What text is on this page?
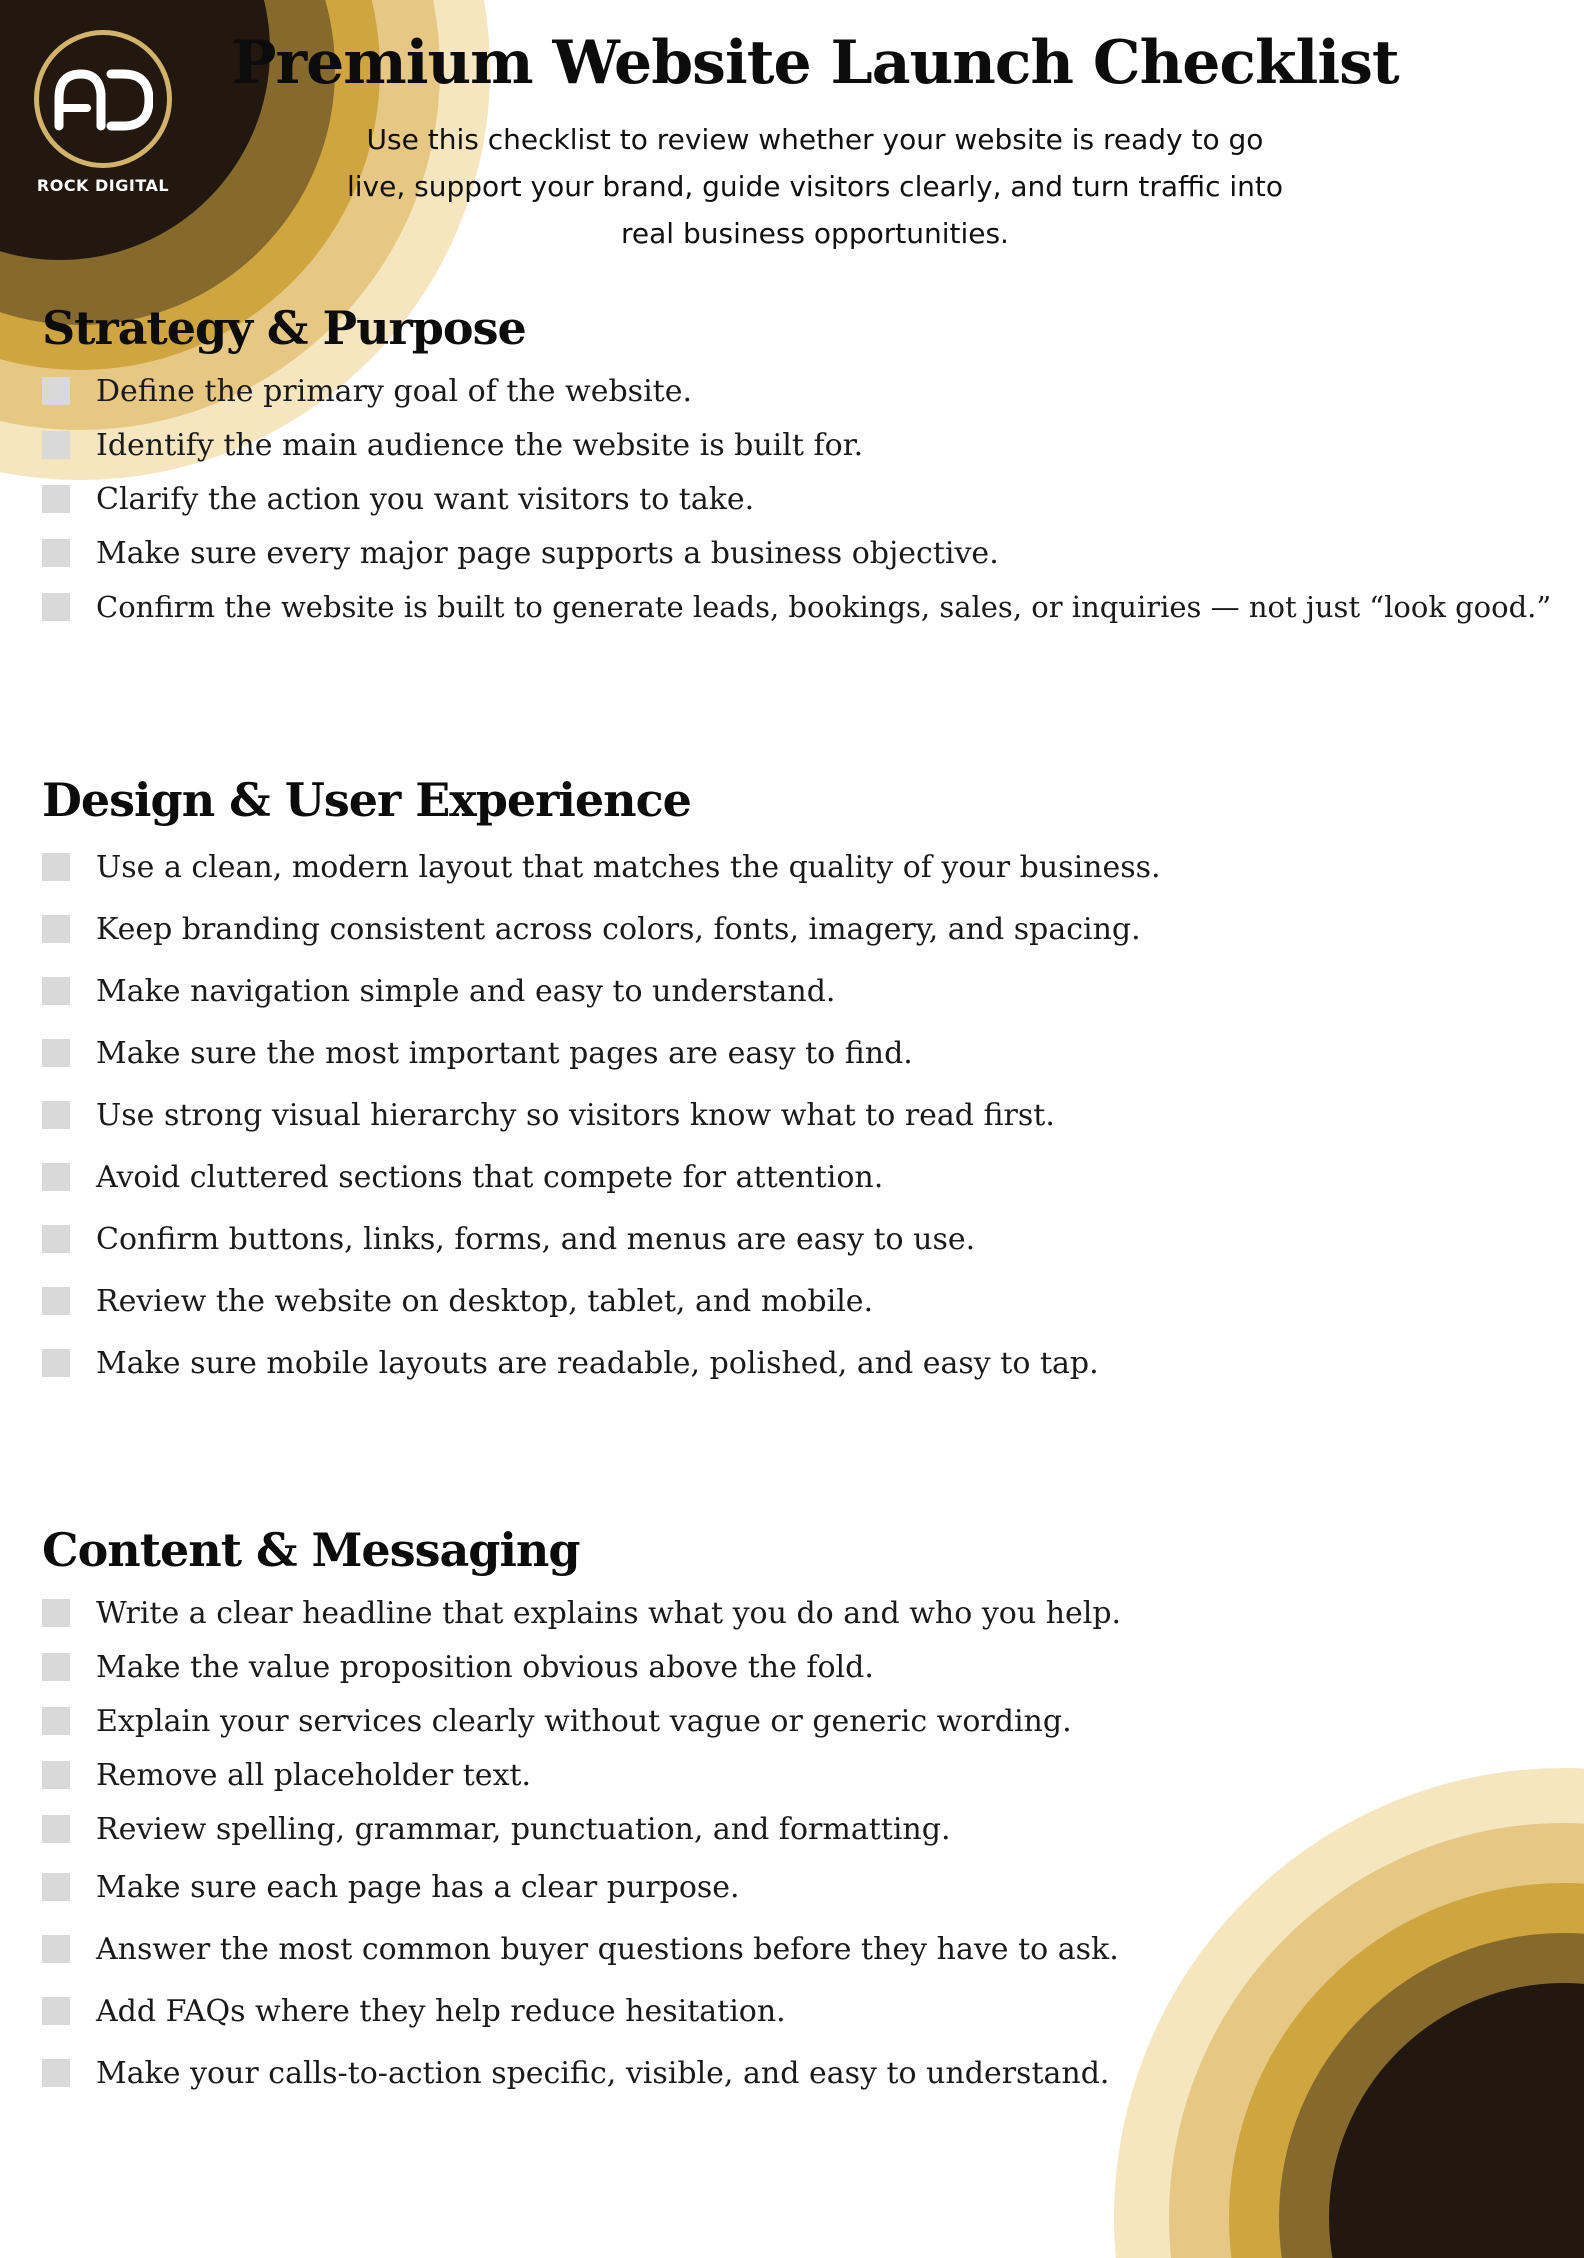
ROCK DIGITAL
Premium Website Launch Checklist

Use this checklist to review whether your website is ready to go live, support your brand, guide visitors clearly, and turn traffic into real business opportunities.

Strategy & Purpose
Define the primary goal of the website.
Identify the main audience the website is built for.
Clarify the action you want visitors to take.
Make sure every major page supports a business objective.
Confirm the website is built to generate leads, bookings, sales, or inquiries — not just “look good.”
Design & User Experience
Use a clean, modern layout that matches the quality of your business.
Keep branding consistent across colors, fonts, imagery, and spacing.
Make navigation simple and easy to understand.
Make sure the most important pages are easy to find.
Use strong visual hierarchy so visitors know what to read first.
Avoid cluttered sections that compete for attention.
Confirm buttons, links, forms, and menus are easy to use.
Review the website on desktop, tablet, and mobile.
Make sure mobile layouts are readable, polished, and easy to tap.
Content & Messaging
Write a clear headline that explains what you do and who you help.
Make the value proposition obvious above the fold.
Explain your services clearly without vague or generic wording.
Remove all placeholder text.
Review spelling, grammar, punctuation, and formatting.
Make sure each page has a clear purpose.
Answer the most common buyer questions before they have to ask.
Add FAQs where they help reduce hesitation.
Make your calls-to-action specific, visible, and easy to understand.
